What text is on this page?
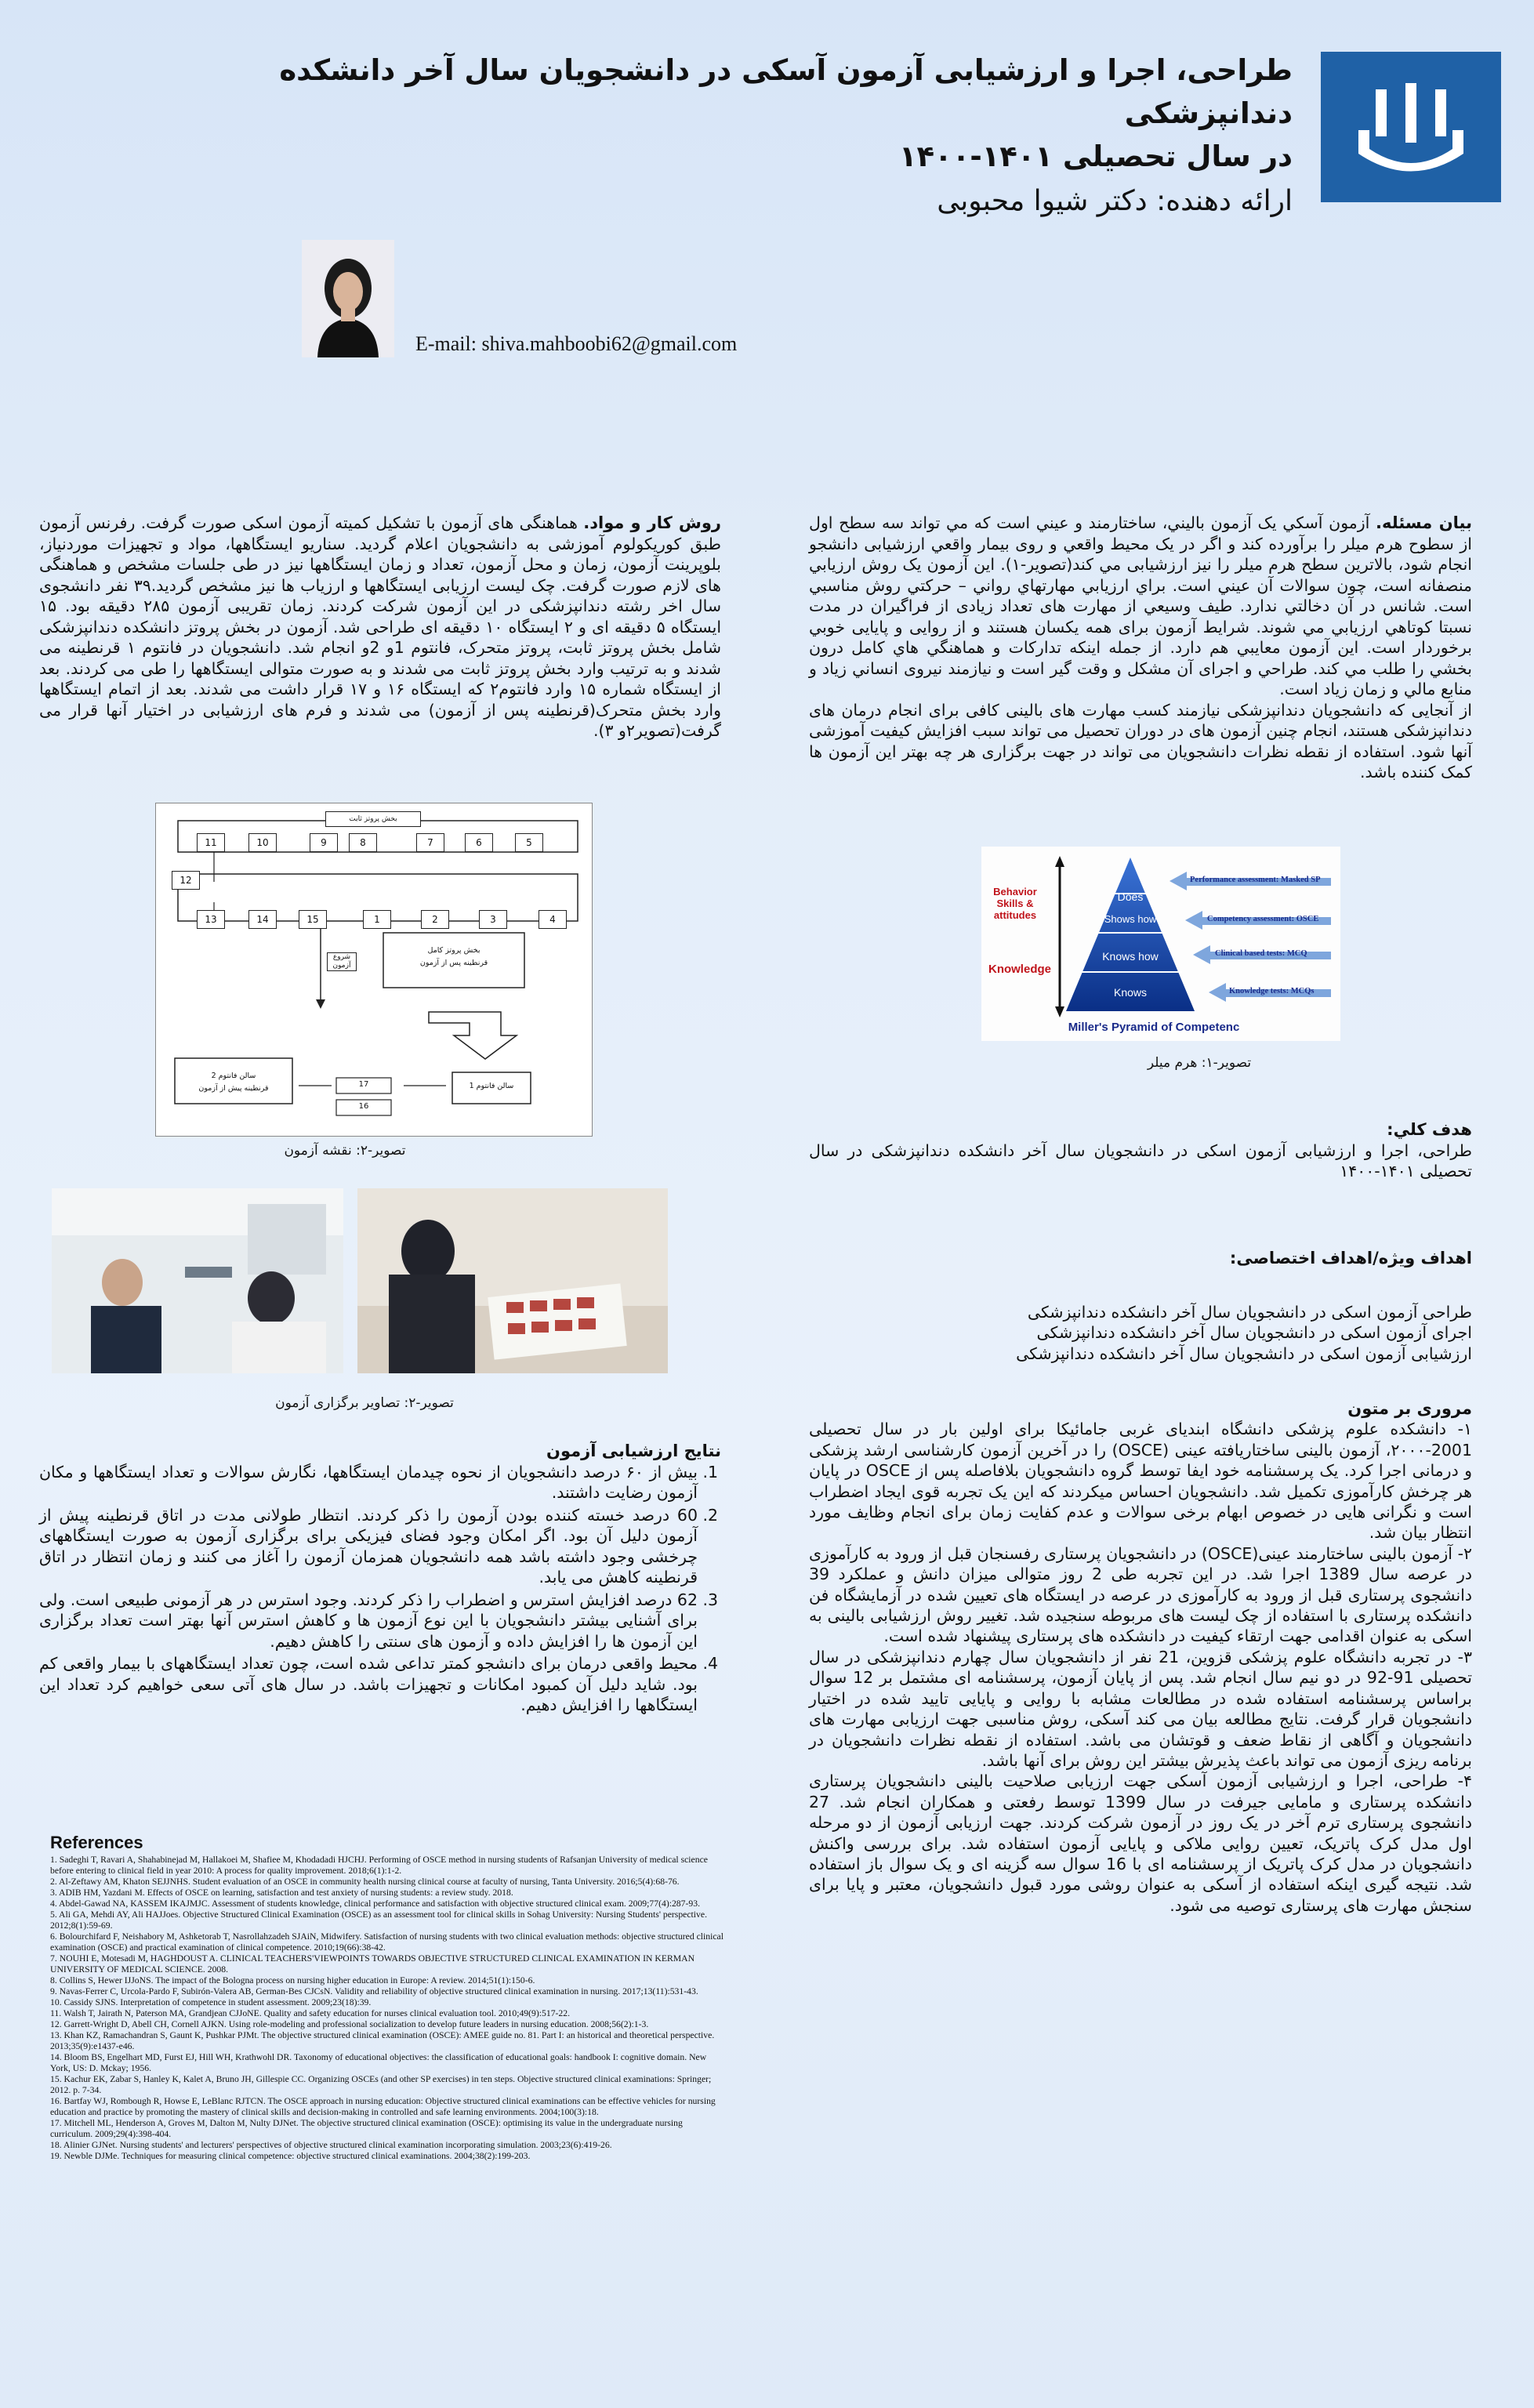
طراحی، اجرا و ارزشیابی آزمون آسکی در دانشجویان سال آخر دانشکده دندانپزشکی
در سال تحصیلی ۱۴۰۱-۱۴۰۰
ارائه دهنده: دکتر شیوا محبوبی
E-mail: shiva.mahboobi62@gmail.com
بیان مسئله. آزمون آسكي يک آزمون باليني، ساختارمند و عيني است كه مي تواند سه سطح اول از سطوح هرم ميلر را برآورده كند و اگر در يک محيط واقعي و روی بيمار واقعي ارزشيابی دانشجو انجام شود، بالاترين سطح هرم ميلر را نيز ارزشيابی مي كند(تصویر-۱). اين آزمون يک روش ارزيابي منصفانه است، چون سوالات آن عيني است. براي ارزيابي مهارتهاي رواني – حركتي روش مناسبي است. شانس در آن دخالتي ندارد. طيف وسيعي از مهارت های تعداد زيادی از فراگيران در مدت نسبتا كوتاهي ارزيابي مي شوند. شرايط آزمون برای همه يكسان هستند و از روايی و پايايی خوبي برخوردار است. اين آزمون معايبي هم دارد. از جمله اينكه تداركات و هماهنگي هاي كامل درون بخشي را طلب مي كند. طراحي و اجرای آن مشكل و وقت گير است و نيازمند نيروی انساني زياد و منابع مالي و زمان زياد است.
از آنجایی که دانشجویان دندانپزشکی نیازمند کسب مهارت های بالینی کافی برای انجام درمان های دندانپزشکی هستند، انجام چنین آزمون های در دوران تحصیل می تواند سبب افزایش کیفیت آموزشی آنها شود. استفاده از نقطه نظرات دانشجویان می تواند در جهت برگزاری هر چه بهتر این آزمون ها کمک کننده باشد.
Behavior Skills & attitudes
Knowledge
Does
Shows how
Knows how
Knows
Performance assessment: Masked SP
Competency assessment: OSCE
Clinical based tests: MCQ
Knowledge tests: MCQs
Miller's Pyramid of Competenc
تصویر-۱: هرم میلر
هدف کلي:
طراحی، اجرا و ارزشیابی آزمون اسکی در دانشجویان سال آخر دانشکده دندانپزشکی در سال تحصیلی ۱۴۰۱-۱۴۰۰
اهداف ویژه/اهداف اختصاصی:
طراحی آزمون اسکی در دانشجویان سال آخر دانشکده دندانپزشکی
اجرای آزمون اسکی در دانشجویان سال آخر دانشکده دندانپزشکی
ارزشیابی آزمون اسکی در دانشجویان سال آخر دانشکده دندانپزشکی
مروری بر متون
۱- دانشکده علوم پزشکی دانشگاه ابندیای غربی جامائیکا برای اولین بار در سال تحصیلی 2001-۲۰۰۰، آزمون بالینی ساختاریافته عینی (OSCE) را در آخرین آزمون کارشناسی ارشد پزشکی و درمانی اجرا کرد. یک پرسشنامه خود ایفا توسط گروه دانشجویان بلافاصله پس از OSCE در پایان هر چرخش کارآموزی تکمیل شد. دانشجویان احساس میکردند که این یک تجربه قوی ایجاد اضطراب است و نگرانی هایی در خصوص ابهام برخی سوالات و عدم کفایت زمان برای انجام وظایف مورد انتظار بیان شد.
۲- آزمون بالینی ساختارمند عینی(OSCE) در دانشجویان پرستاری رفسنجان قبل از ورود به کارآموزی در عرصه سال 1389 اجرا شد. در این تجربه طی 2 روز متوالی میزان دانش و عملکرد 39 دانشجوی پرستاری قبل از ورود به کارآموزی در عرصه در ایستگاه های تعیین شده در آزمایشگاه فن دانشکده پرستاری با استفاده از چک لیست های مربوطه سنجیده شد. تغییر روش ارزشیابی بالینی به اسکی به عنوان اقدامی جهت ارتقاء کیفیت در دانشکده های پرستاری پیشنهاد شده است.
۳- در تجربه دانشگاه علوم پزشکی قزوین، 21 نفر از دانشجویان سال چهارم دندانپزشکی در سال تحصیلی 91-92 در دو نیم سال انجام شد. پس از پایان آزمون، پرسشنامه ای مشتمل بر 12 سوال براساس پرسشنامه استفاده شده در مطالعات مشابه با روایی و پایایی تایید شده در اختیار دانشجویان قرار گرفت. نتایج مطالعه بیان می کند آسکی، روش مناسبی جهت ارزیابی مهارت های دانشجویان و آگاهی از نقاط ضعف و قوتشان می باشد. استفاده از نقطه نظرات دانشجویان در برنامه ریزی آزمون می تواند باعث پذیرش بیشتر این روش برای آنها باشد.
۴- طراحی، اجرا و ارزشیابی آزمون آسکی جهت ارزیابی صلاحیت بالینی دانشجویان پرستاری دانشکده پرستاری و مامایی جیرفت در سال 1399 توسط رفعتی و همکاران انجام شد. 27 دانشجوی پرستاری ترم آخر در یک روز در آزمون شرکت کردند. جهت ارزیابی آزمون از دو مرحله اول مدل کرک پاتریک، تعیین روایی ملاکی و پایایی آزمون استفاده شد. برای بررسی واکنش دانشجویان در مدل کرک پاتریک از پرسشنامه ای با 16 سوال سه گزینه ای و یک سوال باز استفاده شد. نتیجه گیری اینکه استفاده از آسکی به عنوان روشی مورد قبول دانشجویان، معتبر و پایا برای سنجش مهارت های پرستاری توصیه می شود.
روش کار و مواد. هماهنگی های آزمون با تشکیل کمیته آزمون اسکی صورت گرفت. رفرنس آزمون طبق کوریکولوم آموزشی به دانشجویان اعلام گردید. سناریو ایستگاهها، مواد و تجهیزات موردنیاز، بلوپرینت آزمون، زمان و محل آزمون، تعداد و زمان ایستگاهها نیز در طی جلسات مشخص و هماهنگی های لازم صورت گرفت. چک لیست ارزیابی ایستگاهها و ارزیاب ها نیز مشخص گردید.۳۹ نفر دانشجوی سال اخر رشته دندانپزشکی در این آزمون شرکت کردند. زمان تقریبی آزمون ۲۸۵ دقیقه بود. ۱۵ ایستگاه ۵ دقیقه ای و ۲ ایستگاه ۱۰ دقیقه ای طراحی شد. آزمون در بخش پروتز دانشکده دندانپزشکی شامل بخش پروتز ثابت، پروتز متحرک، فانتوم 1و 2و انجام شد. دانشجویان در فانتوم ۱ قرنطینه می شدند و به ترتیب وارد بخش پروتز ثابت می شدند و به صورت متوالی ایستگاهها را طی می کردند. بعد از ایستگاه شماره ۱۵ وارد فانتوم۲ که ایستگاه ۱۶ و ۱۷ قرار داشت می شدند. بعد از اتمام ایستگاهها وارد بخش متحرک(قرنطینه پس از آزمون) می شدند و فرم های ارزشیابی در اختیار آنها قرار می گرفت(تصویر۲و ۳).
بخش پروتز ثابت
11	10	9	8	7	6	5
12
13	14	15	1	2	3	4
شروع آزمون
بخش پروتز کامل
قرنطینه پس از آزمون
سالن فانتوم 2
قرنطینه پیش از آزمون	سالن فانتوم 1
17
16
تصویر-۲: نقشه آزمون
تصویر-۲: تصاویر برگزاری آزمون
نتایج ارزشیابی آزمون
1. بیش از ۶۰ درصد دانشجویان از نحوه چیدمان ایستگاهها، نگارش سوالات و تعداد ایستگاهها و مکان آزمون رضایت داشتند.
2. 60 درصد خسته کننده بودن آزمون را ذکر کردند. انتظار طولانی مدت در اتاق قرنطینه پیش از آزمون دلیل آن بود. اگر امکان وجود فضای فیزیکی برای برگزاری آزمون به صورت ایستگاههای چرخشی وجود داشته باشد همه دانشجویان همزمان آزمون را آغاز می کنند و زمان انتظار در اتاق قرنطینه کاهش می یابد.
3. 62 درصد افزایش استرس و اضطراب را ذکر کردند. وجود استرس در هر آزمونی طبیعی است. ولی برای آشنایی بیشتر دانشجویان با این نوع آزمون ها و کاهش استرس آنها بهتر است تعداد برگزاری این آزمون ها را افزایش داده و آزمون های سنتی را کاهش دهیم.
4. محیط واقعی درمان برای دانشجو کمتر تداعی شده است، چون تعداد ایستگاههای با بیمار واقعی کم بود. شاید دلیل آن کمبود امکانات و تجهیزات باشد. در سال های آتی سعی خواهیم کرد تعداد این ایستگاهها را افزایش دهیم.
References
1. Sadeghi T, Ravari A, Shahabinejad M, Hallakoei M, Shafiee M, Khodadadi HJCHJ. Performing of OSCE method in nursing students of Rafsanjan University of medical science before entering to clinical field in year 2010: A process for quality improvement. 2018;6(1):1-2.
2. Al-Zeftawy AM, Khaton SEJJNHS. Student evaluation of an OSCE in community health nursing clinical course at faculty of nursing, Tanta University. 2016;5(4):68-76.
3. ADIB HM, Yazdani M. Effects of OSCE on learning, satisfaction and test anxiety of nursing students: a review study. 2018.
4. Abdel-Gawad NA, KASSEM IKAJMJC. Assessment of students knowledge, clinical performance and satisfaction with objective structured clinical exam. 2009;77(4):287-93.
5. Ali GA, Mehdi AY, Ali HAJJoes. Objective Structured Clinical Examination (OSCE) as an assessment tool for clinical skills in Sohag University: Nursing Students' perspective. 2012;8(1):59-69.
6. Bolourchifard F, Neishabory M, Ashketorab T, Nasrollahzadeh SJAiN, Midwifery. Satisfaction of nursing students with two clinical evaluation methods: objective structured clinical examination (OSCE) and practical examination of clinical competence. 2010;19(66):38-42.
7. NOUHI E, Motesadi M, HAGHDOUST A. CLINICAL TEACHERS'VIEWPOINTS TOWARDS OBJECTIVE STRUCTURED CLINICAL EXAMINATION IN KERMAN UNIVERSITY OF MEDICAL SCIENCE. 2008.
8. Collins S, Hewer IJJoNS. The impact of the Bologna process on nursing higher education in Europe: A review. 2014;51(1):150-6.
9. Navas-Ferrer C, Urcola-Pardo F, Subirón-Valera AB, German-Bes CJCsN. Validity and reliability of objective structured clinical examination in nursing. 2017;13(11):531-43.
10. Cassidy SJNS. Interpretation of competence in student assessment. 2009;23(18):39.
11. Walsh T, Jairath N, Paterson MA, Grandjean CJJoNE. Quality and safety education for nurses clinical evaluation tool. 2010;49(9):517-22.
12. Garrett-Wright D, Abell CH, Cornell AJKN. Using role-modeling and professional socialization to develop future leaders in nursing education. 2008;56(2):1-3.
13. Khan KZ, Ramachandran S, Gaunt K, Pushkar PJMt. The objective structured clinical examination (OSCE): AMEE guide no. 81. Part I: an historical and theoretical perspective. 2013;35(9):e1437-e46.
14. Bloom BS, Engelhart MD, Furst EJ, Hill WH, Krathwohl DR. Taxonomy of educational objectives: the classification of educational goals: handbook I: cognitive domain. New York, US: D. Mckay; 1956.
15. Kachur EK, Zabar S, Hanley K, Kalet A, Bruno JH, Gillespie CC. Organizing OSCEs (and other SP exercises) in ten steps. Objective structured clinical examinations: Springer; 2012. p. 7-34.
16. Bartfay WJ, Rombough R, Howse E, LeBlanc RJTCN. The OSCE approach in nursing education: Objective structured clinical examinations can be effective vehicles for nursing education and practice by promoting the mastery of clinical skills and decision-making in controlled and safe learning environments. 2004;100(3):18.
17. Mitchell ML, Henderson A, Groves M, Dalton M, Nulty DJNet. The objective structured clinical examination (OSCE): optimising its value in the undergraduate nursing curriculum. 2009;29(4):398-404.
18. Alinier GJNet. Nursing students' and lecturers' perspectives of objective structured clinical examination incorporating simulation. 2003;23(6):419-26.
19. Newble DJMe. Techniques for measuring clinical competence: objective structured clinical examinations. 2004;38(2):199-203.
